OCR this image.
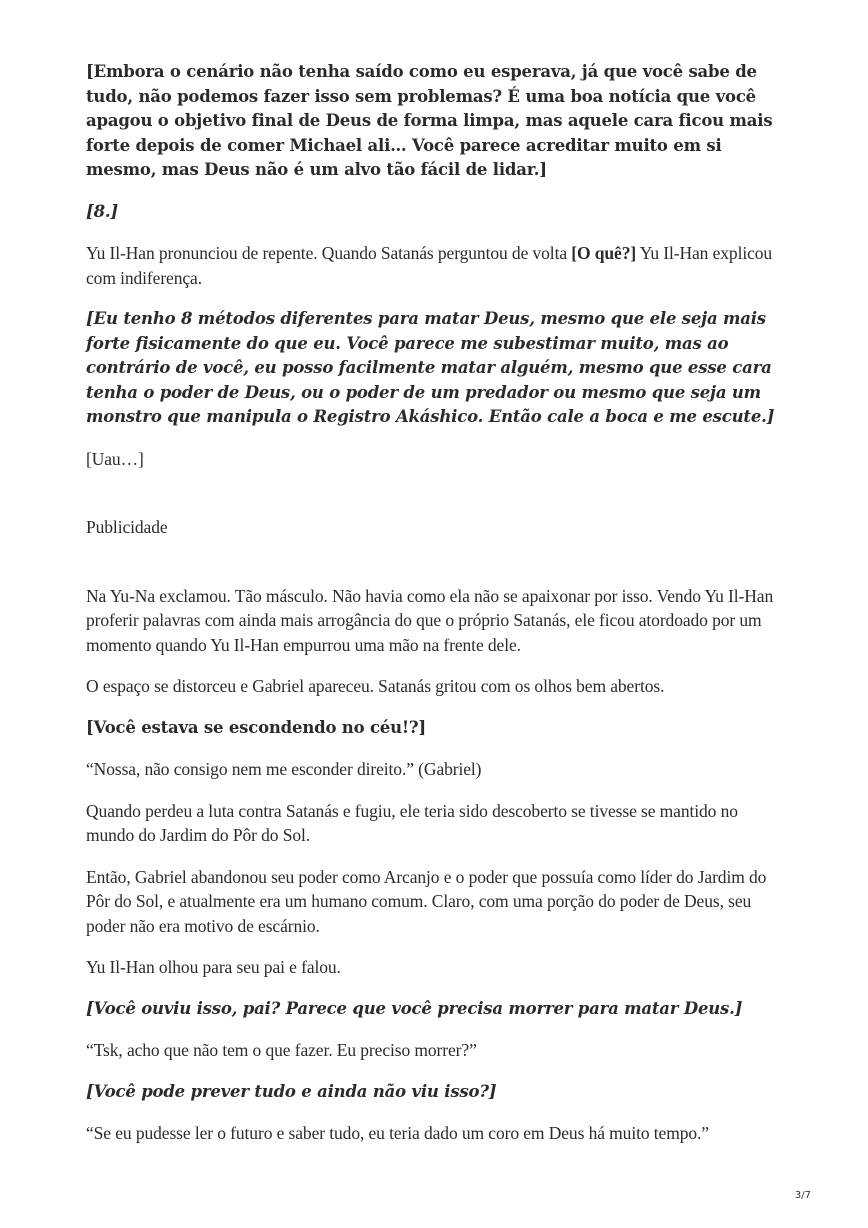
[Embora o cenário não tenha saído como eu esperava, já que você sabe de tudo, não podemos fazer isso sem problemas? É uma boa notícia que você apagou o objetivo final de Deus de forma limpa, mas aquele cara ficou mais forte depois de comer Michael ali… Você parece acreditar muito em si mesmo, mas Deus não é um alvo tão fácil de lidar.]

[8.]

Yu Il-Han pronunciou de repente. Quando Satanás perguntou de volta [O quê?] Yu Il-Han explicou com indiferença.

[Eu tenho 8 métodos diferentes para matar Deus, mesmo que ele seja mais forte fisicamente do que eu. Você parece me subestimar muito, mas ao contrário de você, eu posso facilmente matar alguém, mesmo que esse cara tenha o poder de Deus, ou o poder de um predador ou mesmo que seja um monstro que manipula o Registro Akáshico. Então cale a boca e me escute.]

[Uau…]

Publicidade

Na Yu-Na exclamou. Tão másculo. Não havia como ela não se apaixonar por isso. Vendo Yu Il-Han proferir palavras com ainda mais arrogância do que o próprio Satanás, ele ficou atordoado por um momento quando Yu Il-Han empurrou uma mão na frente dele.

O espaço se distorceu e Gabriel apareceu. Satanás gritou com os olhos bem abertos.

[Você estava se escondendo no céu!?]

“Nossa, não consigo nem me esconder direito.” (Gabriel)

Quando perdeu a luta contra Satanás e fugiu, ele teria sido descoberto se tivesse se mantido no mundo do Jardim do Pôr do Sol.

Então, Gabriel abandonou seu poder como Arcanjo e o poder que possuía como líder do Jardim do Pôr do Sol, e atualmente era um humano comum. Claro, com uma porção do poder de Deus, seu poder não era motivo de escárnio.

Yu Il-Han olhou para seu pai e falou.

[Você ouviu isso, pai? Parece que você precisa morrer para matar Deus.]

“Tsk, acho que não tem o que fazer. Eu preciso morrer?”

[Você pode prever tudo e ainda não viu isso?]

“Se eu pudesse ler o futuro e saber tudo, eu teria dado um coro em Deus há muito tempo.”

3/7
